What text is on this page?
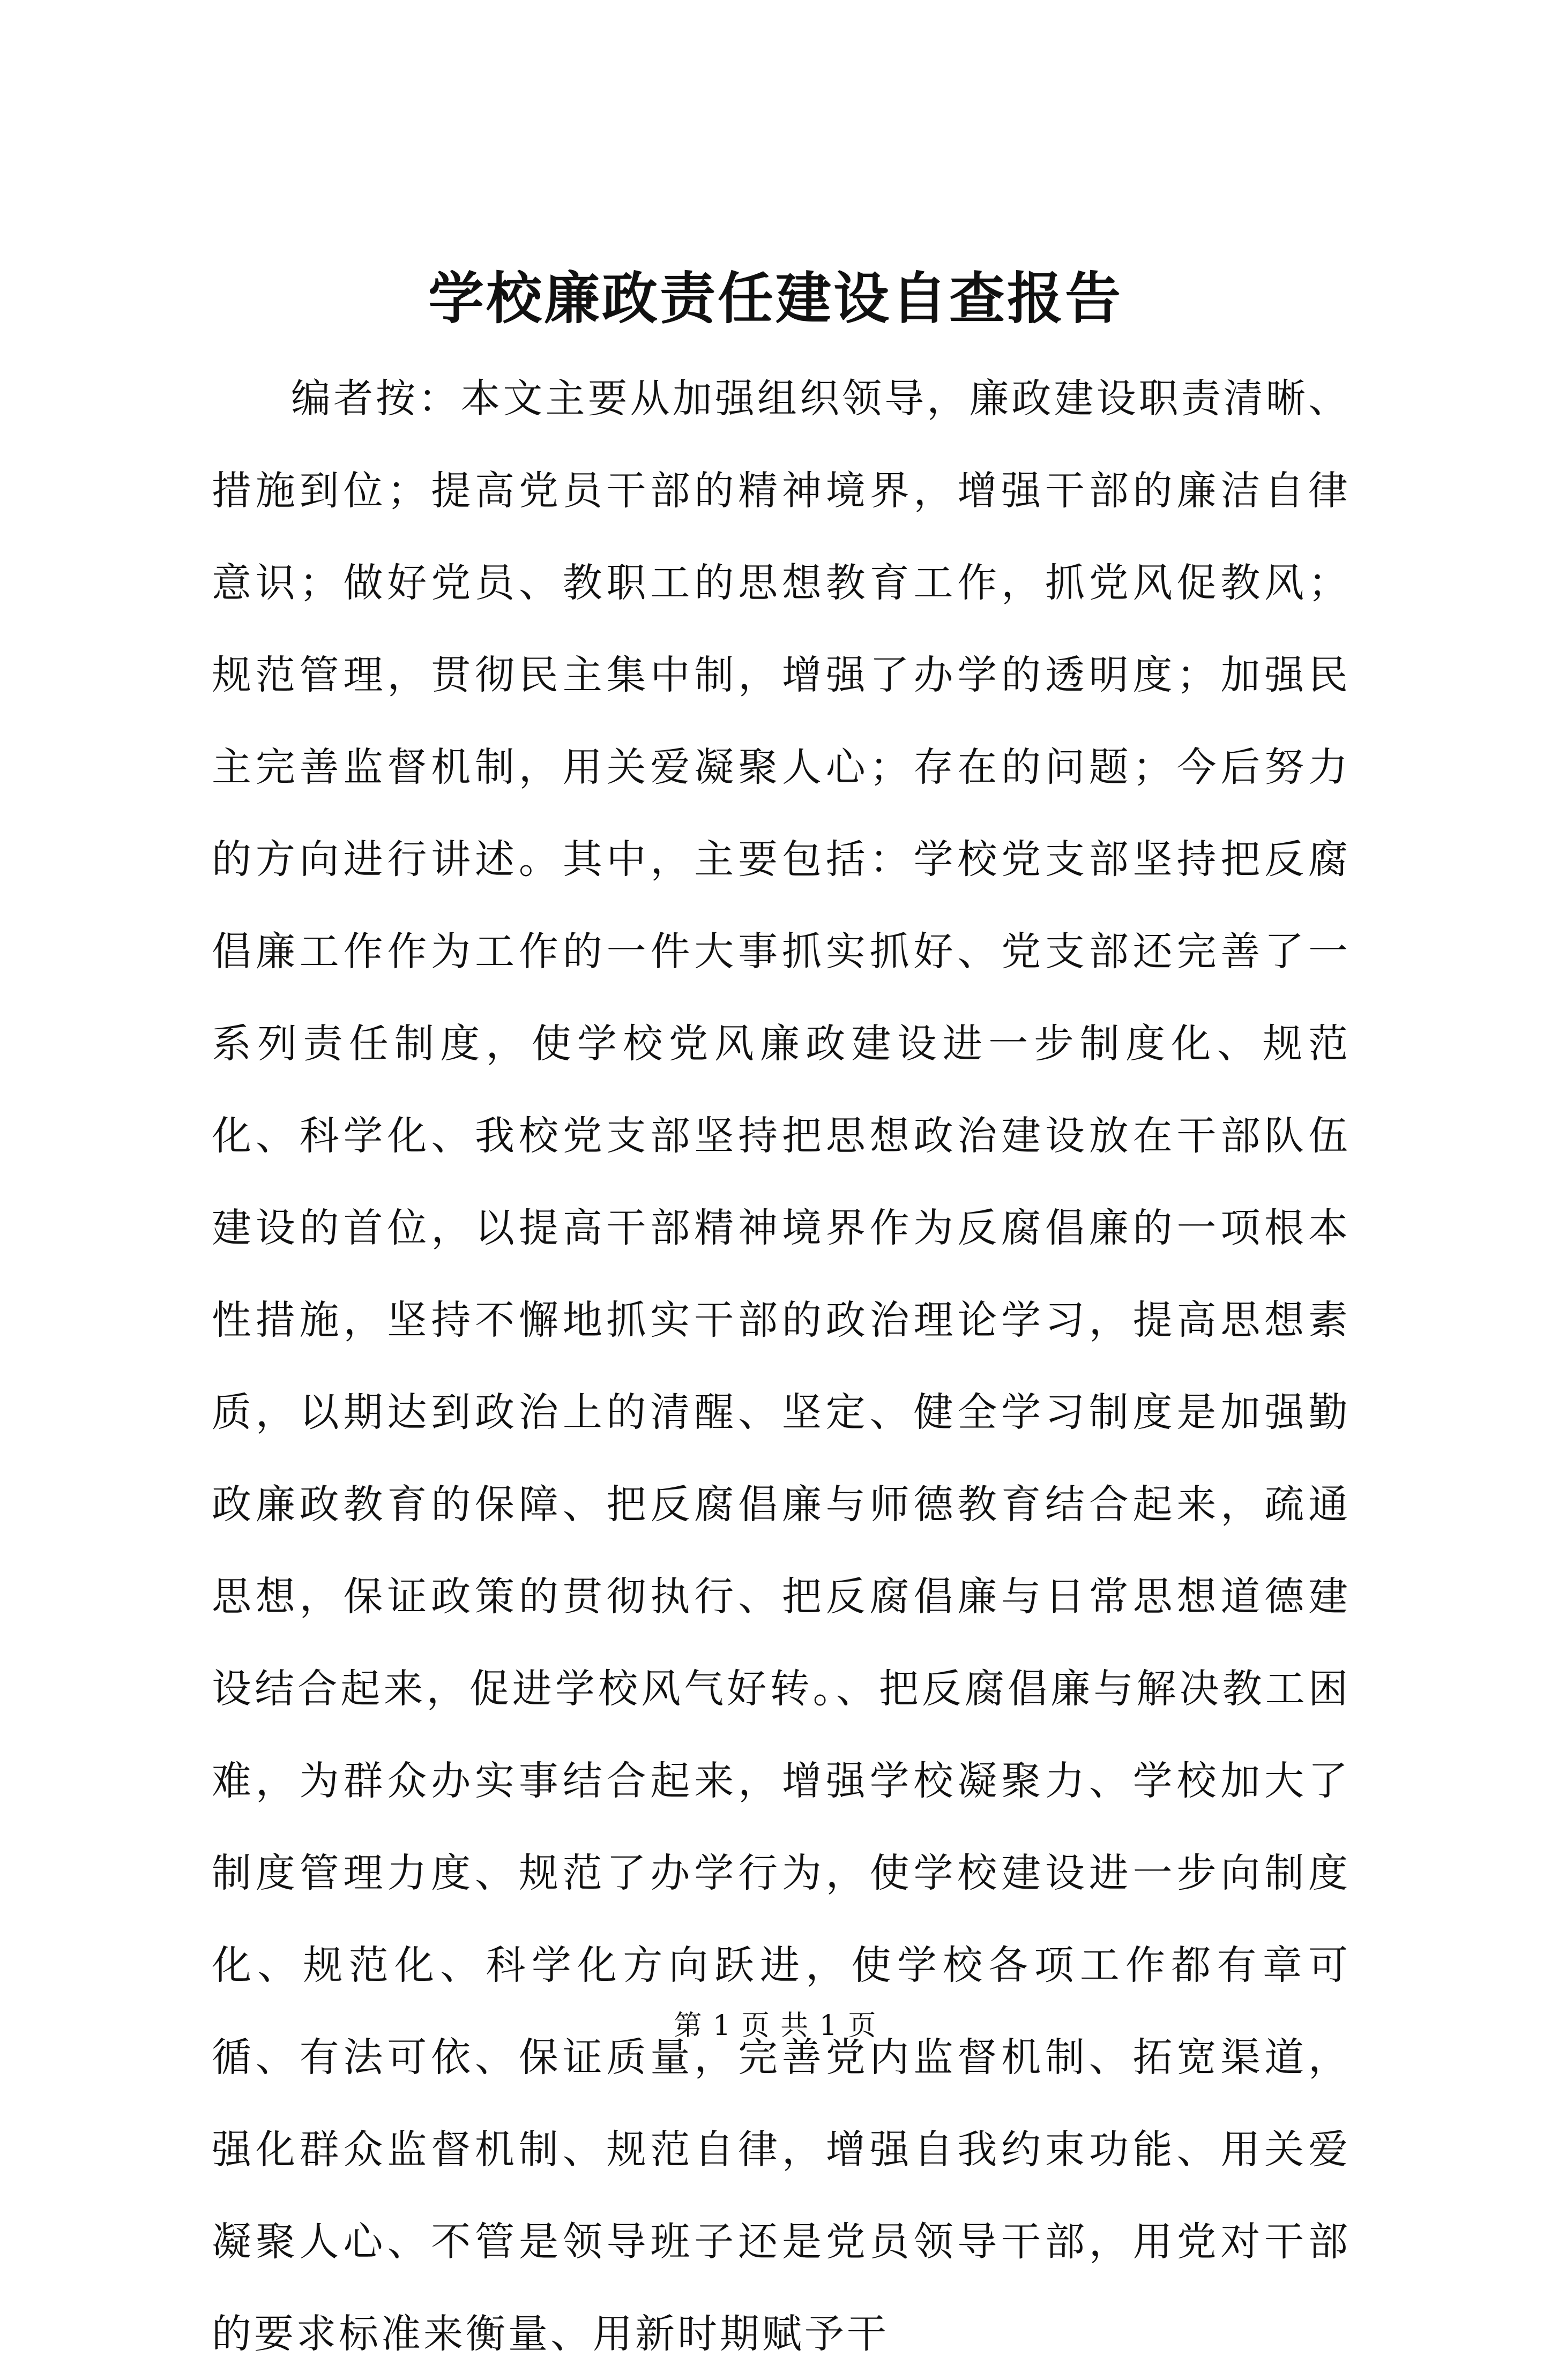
学校廉政责任建设自查报告

编者按：本文主要从加强组织领导，廉政建设职责清晰、措施到位；提高党员干部的精神境界，增强干部的廉洁自律意识；做好党员、教职工的思想教育工作，抓党风促教风；规范管理，贯彻民主集中制，增强了办学的透明度；加强民主完善监督机制，用关爱凝聚人心；存在的问题；今后努力的方向进行讲述。其中，主要包括：学校党支部坚持把反腐倡廉工作作为工作的一件大事抓实抓好、党支部还完善了一系列责任制度，使学校党风廉政建设进一步制度化、规范化、科学化、我校党支部坚持把思想政治建设放在干部队伍建设的首位，以提高干部精神境界作为反腐倡廉的一项根本性措施，坚持不懈地抓实干部的政治理论学习，提高思想素质，以期达到政治上的清醒、坚定、健全学习制度是加强勤政廉政教育的保障、把反腐倡廉与师德教育结合起来，疏通思想，保证政策的贯彻执行、把反腐倡廉与日常思想道德建设结合起来，促进学校风气好转。、把反腐倡廉与解决教工困难，为群众办实事结合起来，增强学校凝聚力、学校加大了制度管理力度、规范了办学行为，使学校建设进一步向制度化、规范化、科学化方向跃进，使学校各项工作都有章可循、有法可依、保证质量，完善党内监督机制、拓宽渠道，强化群众监督机制、规范自律，增强自我约束功能、用关爱凝聚人心、不管是领导班子还是党员领导干部，用党对干部的要求标准来衡量、用新时期赋予干

第 1 页 共 1 页
